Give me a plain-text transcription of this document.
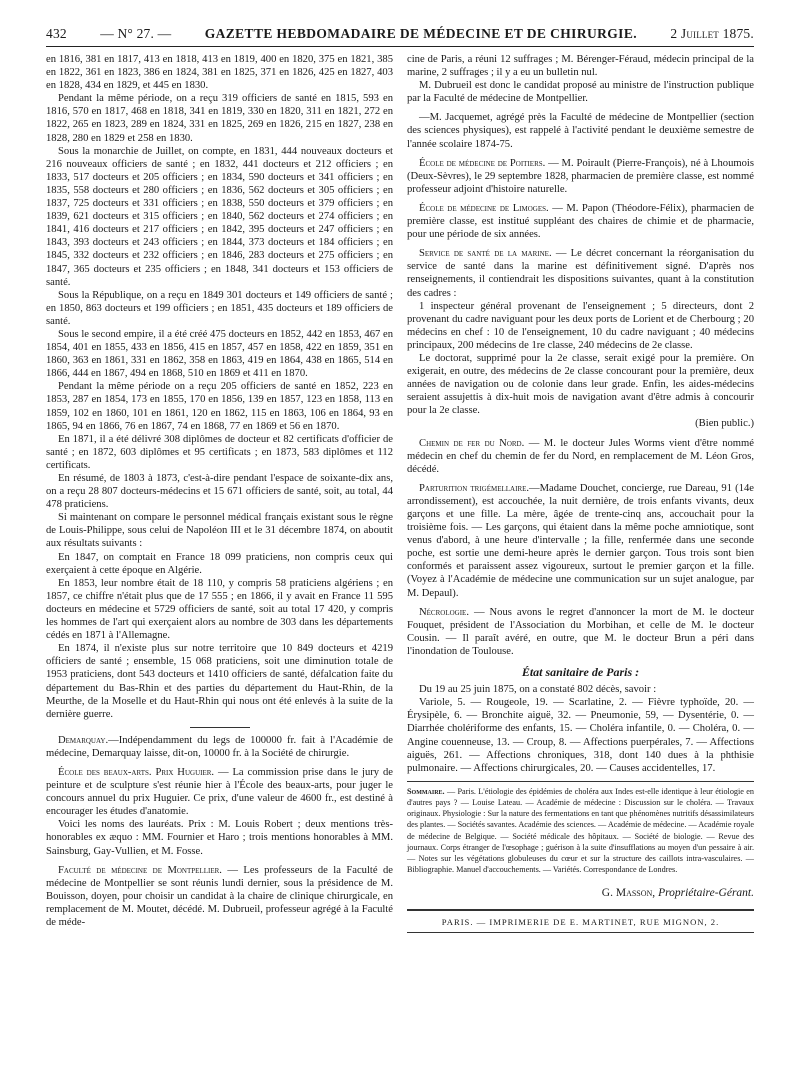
432 — N° 27. — GAZETTE HEBDOMADAIRE DE MÉDECINE ET DE CHIRURGIE. 2 Juillet 1875.

en 1816, 381 en 1817, 413 en 1818, 413 en 1819, 400 en 1820, 375 en 1821, 385 en 1822, 361 en 1823, 386 en 1824, 381 en 1825, 371 en 1826, 425 en 1827, 403 en 1828, 434 en 1829, et 445 en 1830.

Pendant la même période, on a reçu 319 officiers de santé en 1815, 593 en 1816, 570 en 1817, 468 en 1818, 341 en 1819, 330 en 1820, 311 en 1821, 272 en 1822, 265 en 1823, 289 en 1824, 331 en 1825, 269 en 1826, 215 en 1827, 238 en 1828, 280 en 1829 et 258 en 1830.

Sous la monarchie de Juillet, on compte, en 1831, 444 nouveaux docteurs et 216 nouveaux officiers de santé ; en 1832, 441 docteurs et 212 officiers ; en 1833, 517 docteurs et 205 officiers ; en 1834, 590 docteurs et 341 officiers ; en 1835, 558 docteurs et 280 officiers ; en 1836, 562 docteurs et 305 officiers ; en 1837, 725 docteurs et 331 officiers ; en 1838, 550 docteurs et 379 officiers ; en 1839, 621 docteurs et 315 officiers ; en 1840, 562 docteurs et 274 officiers ; en 1841, 416 docteurs et 217 officiers ; en 1842, 395 docteurs et 247 officiers ; en 1843, 393 docteurs et 243 officiers ; en 1844, 373 docteurs et 184 officiers ; en 1845, 332 docteurs et 232 officiers ; en 1846, 283 docteurs et 275 officiers ; en 1847, 365 docteurs et 235 officiers ; en 1848, 341 docteurs et 153 officiers de santé.

Sous la République, on a reçu en 1849 301 docteurs et 149 officiers de santé ; en 1850, 863 docteurs et 199 officiers ; en 1851, 435 docteurs et 189 officiers de santé.

Sous le second empire, il a été créé 475 docteurs en 1852, 442 en 1853, 467 en 1854, 401 en 1855, 433 en 1856, 415 en 1857, 457 en 1858, 422 en 1859, 351 en 1860, 363 en 1861, 331 en 1862, 358 en 1863, 419 en 1864, 438 en 1865, 514 en 1866, 444 en 1867, 494 en 1868, 510 en 1869 et 411 en 1870.

Pendant la même période on a reçu 205 officiers de santé en 1852, 223 en 1853, 287 en 1854, 173 en 1855, 170 en 1856, 139 en 1857, 123 en 1858, 113 en 1859, 102 en 1860, 101 en 1861, 120 en 1862, 115 en 1863, 106 en 1864, 93 en 1865, 94 en 1866, 76 en 1867, 74 en 1868, 77 en 1869 et 56 en 1870.

En 1871, il a été délivré 308 diplômes de docteur et 82 certificats d'officier de santé ; en 1872, 603 diplômes et 95 certificats ; en 1873, 583 diplômes et 112 certificats.

En résumé, de 1803 à 1873, c'est-à-dire pendant l'espace de soixante-dix ans, on a reçu 28 807 docteurs-médecins et 15 671 officiers de santé, soit, au total, 44 478 praticiens.

Si maintenant on compare le personnel médical français existant sous le règne de Louis-Philippe, sous celui de Napoléon III et le 31 décembre 1874, on aboutit aux résultats suivants :

En 1847, on comptait en France 18 099 praticiens, non compris ceux qui exerçaient à cette époque en Algérie.

En 1853, leur nombre était de 18 110, y compris 58 praticiens algériens ; en 1857, ce chiffre n'était plus que de 17 555 ; en 1866, il y avait en France 11 595 docteurs en médecine et 5729 officiers de santé, soit au total 17 420, y compris les hommes de l'art qui exerçaient alors au nombre de 303 dans les départements cédés en 1871 à l'Allemagne.

En 1874, il n'existe plus sur notre territoire que 10 849 docteurs et 4219 officiers de santé ; ensemble, 15 068 praticiens, soit une diminution totale de 1953 praticiens, dont 543 docteurs et 1410 officiers de santé, défalcation faite du département du Bas-Rhin et des parties du département du Haut-Rhin, de la Meurthe, de la Moselle et du Haut-Rhin qui nous ont été enlevés à la suite de la dernière guerre.

Demarquay.—Indépendamment du legs de 100000 fr. fait à l'Académie de médecine, Demarquay laisse, dit-on, 10000 fr. à la Société de chirurgie.

École des beaux-arts. Prix Huguier. — La commission prise dans le jury de peinture et de sculpture s'est réunie hier à l'École des beaux-arts, pour juger le concours annuel du prix Huguier. Ce prix, d'une valeur de 4600 fr., est destiné à encourager les études d'anatomie.

Voici les noms des lauréats. Prix : M. Louis Robert ; deux mentions très-honorables ex æquo : MM. Fournier et Haro ; trois mentions honorables à MM. Sainsburg, Gay-Vullien, et M. Fosse.

Faculté de médecine de Montpellier. — Les professeurs de la Faculté de médecine de Montpellier se sont réunis lundi dernier, sous la présidence de M. Bouisson, doyen, pour choisir un candidat à la chaire de clinique chirurgicale, en remplacement de M. Moutet, décédé. M. Dubrueil, professeur agrégé à la Faculté de méde-

cine de Paris, a réuni 12 suffrages ; M. Bérenger-Féraud, médecin principal de la marine, 2 suffrages ; il y a eu un bulletin nul.

M. Dubrueil est donc le candidat proposé au ministre de l'instruction publique par la Faculté de médecine de Montpellier.

—M. Jacquemet, agrégé près la Faculté de médecine de Montpellier (section des sciences physiques), est rappelé à l'activité pendant le deuxième semestre de l'année scolaire 1874-75.

École de médecine de Poitiers. — M. Poirault (Pierre-François), né à Lhoumois (Deux-Sèvres), le 29 septembre 1828, pharmacien de première classe, est nommé professeur adjoint d'histoire naturelle.

École de médecine de Limoges. — M. Papon (Théodore-Félix), pharmacien de première classe, est institué suppléant des chaires de chimie et de pharmacie, pour une période de six années.

Service de santé de la marine. — Le décret concernant la réorganisation du service de santé dans la marine est définitivement signé. D'après nos renseignements, il contiendrait les dispositions suivantes, quant à la constitution des cadres :

1 inspecteur général provenant de l'enseignement ; 5 directeurs, dont 2 provenant du cadre naviguant pour les deux ports de Lorient et de Cherbourg ; 20 médecins en chef : 10 de l'enseignement, 10 du cadre naviguant ; 40 médecins principaux, 200 médecins de 1re classe, 240 médecins de 2e classe.

Le doctorat, supprimé pour la 2e classe, serait exigé pour la première. On exigerait, en outre, des médecins de 2e classe concourant pour la première, deux années de navigation ou de colonie dans leur grade. Enfin, les aides-médecins seraient assujettis à dix-huit mois de navigation avant d'être admis à concourir pour la 2e classe.

(Bien public.)

Chemin de fer du Nord. — M. le docteur Jules Worms vient d'être nommé médecin en chef du chemin de fer du Nord, en remplacement de M. Léon Gros, décédé.

Parturition trigémellaire.—Madame Douchet, concierge, rue Dareau, 91 (14e arrondissement), est accouchée, la nuit dernière, de trois enfants vivants, deux garçons et une fille. La mère, âgée de trente-cinq ans, accouchait pour la troisième fois. — Les garçons, qui étaient dans la même poche amniotique, sont venus d'abord, à une heure d'intervalle ; la fille, renfermée dans une seconde poche, est sortie une demi-heure après le dernier garçon. Tous trois sont bien conformés et paraissent assez vigoureux, surtout le premier garçon et la fille. (Voyez à l'Académie de médecine une communication sur un sujet analogue, par M. Depaul).

Nécrologie. — Nous avons le regret d'annoncer la mort de M. le docteur Fouquet, président de l'Association du Morbihan, et celle de M. le docteur Cousin. — Il paraît avéré, en outre, que M. le docteur Brun a péri dans l'inondation de Toulouse.

État sanitaire de Paris :

Du 19 au 25 juin 1875, on a constaté 802 décès, savoir :

Variole, 5. — Rougeole, 19. — Scarlatine, 2. — Fièvre typhoïde, 20. — Érysipèle, 6. — Bronchite aiguë, 32. — Pneumonie, 59, — Dysentérie, 0. — Diarrhée cholériforme des enfants, 15. — Choléra infantile, 0. — Choléra, 0. — Angine couenneuse, 13. — Croup, 8. — Affections puerpérales, 7. — Affections aiguës, 261. — Affections chroniques, 318, dont 140 dues à la phthisie pulmonaire. — Affections chirurgicales, 20. — Causes accidentelles, 17.

Sommaire. — Paris. L'étiologie des épidémies de choléra aux Indes est-elle identique à leur étiologie en d'autres pays ? — Louise Lateau. — Académie de médecine : Discussion sur le choléra. — Travaux originaux. Physiologie : Sur la nature des fermentations en tant que phénomènes nutritifs désassimilateurs des plantes. — Sociétés savantes. Académie des sciences. — Académie de médecine. — Académie royale de médecine de Belgique. — Société médicale des hôpitaux. — Société de biologie. — Revue des journaux. Corps étranger de l'œsophage ; guérison à la suite d'insufflations au moyen d'un pessaire à air. — Notes sur les végétations globuleuses du cœur et sur la structure des caillots intra-vasculaires. — Bibliographie. Manuel d'accouchements. — Variétés. Correspondance de Londres.
G. Masson, Propriétaire-Gérant.
PARIS. — IMPRIMERIE DE E. MARTINET, RUE MIGNON, 2.
